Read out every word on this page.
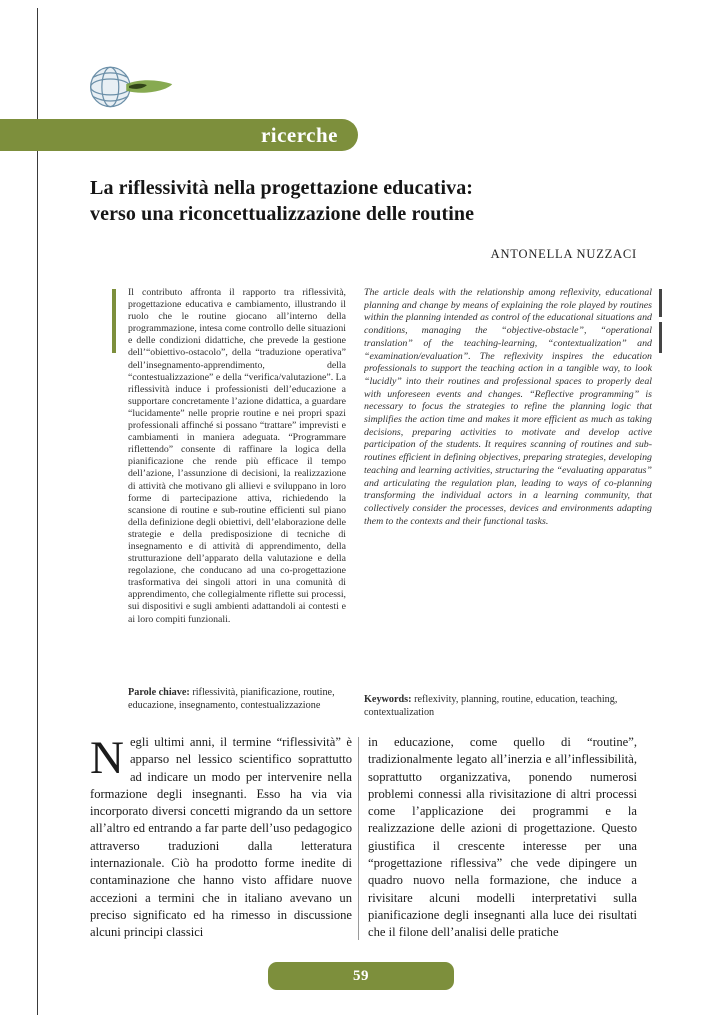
ricerche
La riflessività nella progettazione educativa:
verso una riconcettualizzazione delle routine
ANTONELLA NUZZACI
Il contributo affronta il rapporto tra riflessività, progettazione educativa e cambiamento, illustrando il ruolo che le routine giocano all’interno della programmazione, intesa come controllo delle situazioni e delle condizioni didattiche, che prevede la gestione dell’“obiettivo-ostacolo”, della “traduzione operativa” dell’insegnamento-apprendimento, della “contestualizzazione” e della “verifica/valutazione”. La riflessività induce i professionisti dell’educazione a supportare concretamente l’azione didattica, a guardare “lucidamente” nelle proprie routine e nei propri spazi professionali affinché si possano “trattare” imprevisti e cambiamenti in maniera adeguata. “Programmare riflettendo” consente di raffinare la logica della pianificazione che rende più efficace il tempo dell’azione, l’assunzione di decisioni, la realizzazione di attività che motivano gli allievi e sviluppano in loro forme di partecipazione attiva, richiedendo la scansione di routine e sub-routine efficienti sul piano della definizione degli obiettivi, dell’elaborazione delle strategie e della predisposizione di tecniche di insegnamento e di attività di apprendimento, della strutturazione dell’apparato della valutazione e della regolazione, che conducano ad una co-progettazione trasformativa dei singoli attori in una comunità di apprendimento, che collegialmente riflette sui processi, sui dispositivi e sugli ambienti adattandoli ai contesti e ai loro compiti funzionali.
The article deals with the relationship among reflexivity, educational planning and change by means of explaining the role played by routines within the planning intended as control of the educational situations and conditions, managing the “objective-obstacle”, “operational translation” of the teaching-learning, “contextualization” and “examination/evaluation”. The reflexivity inspires the education professionals to support the teaching action in a tangible way, to look “lucidly” into their routines and professional spaces to properly deal with unforeseen events and changes. “Reflective programming” is necessary to focus the strategies to refine the planning logic that simplifies the action time and makes it more efficient as much as taking decisions, preparing activities to motivate and develop active participation of the students. It requires scanning of routines and sub-routines efficient in defining objectives, preparing strategies, developing teaching and learning activities, structuring the “evaluating apparatus” and articulating the regulation plan, leading to ways of co-planning transforming the individual actors in a learning community, that collectively consider the processes, devices and environments adapting them to the contexts and their functional tasks.

Parole chiave: riflessività, pianificazione, routine, educazione, insegnamento, contestualizzazione

Keywords: reflexivity, planning, routine, education, teaching, contextualization

Negli ultimi anni, il termine “riflessività” è apparso nel lessico scientifico soprattutto ad indicare un modo per intervenire nella formazione degli insegnanti. Esso ha via via incorporato diversi concetti migrando da un settore all’altro ed entrando a far parte dell’uso pedagogico attraverso traduzioni dalla letteratura internazionale. Ciò ha prodotto forme inedite di contaminazione che hanno visto affidare nuove accezioni a termini che in italiano avevano un preciso significato ed ha rimesso in discussione alcuni principi classici
in educazione, come quello di “routine”, tradizionalmente legato all’inerzia e all’inflessibilità, soprattutto organizzativa, ponendo numerosi problemi connessi alla rivisitazione di altri processi come l’applicazione dei programmi e la realizzazione delle azioni di progettazione. Questo giustifica il crescente interesse per una “progettazione riflessiva” che vede dipingere un quadro nuovo nella formazione, che induce a rivisitare alcuni modelli interpretativi sulla pianificazione degli insegnanti alla luce dei risultati che il filone dell’analisi delle pratiche
59
